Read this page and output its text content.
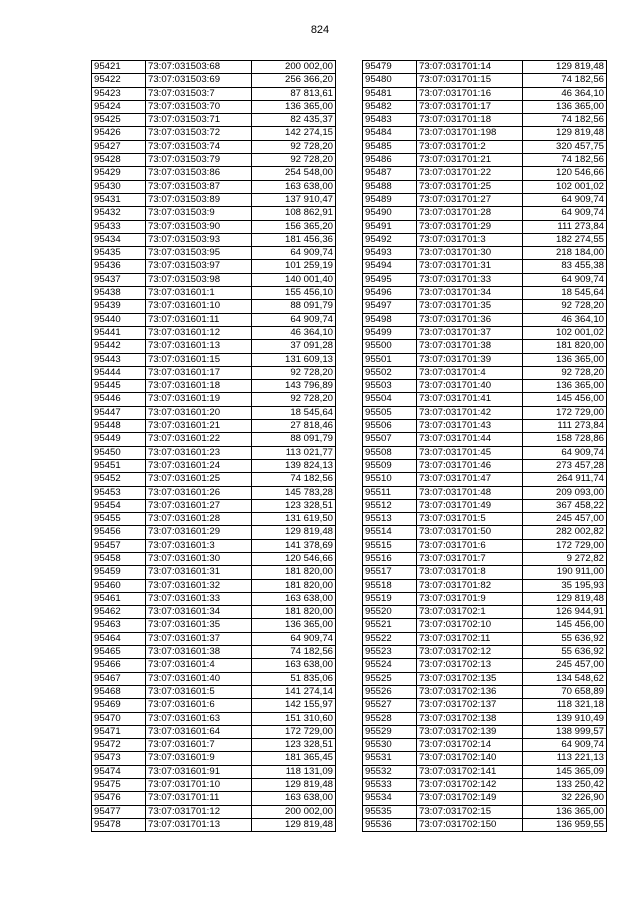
824
95421	73:07:031503:68	200 002,00
95422	73:07:031503:69	256 366,20
95423	73:07:031503:7	87 813,61
95424	73:07:031503:70	136 365,00
95425	73:07:031503:71	82 435,37
95426	73:07:031503:72	142 274,15
95427	73:07:031503:74	92 728,20
95428	73:07:031503:79	92 728,20
95429	73:07:031503:86	254 548,00
95430	73:07:031503:87	163 638,00
95431	73:07:031503:89	137 910,47
95432	73:07:031503:9	108 862,91
95433	73:07:031503:90	156 365,20
95434	73:07:031503:93	181 456,36
95435	73:07:031503:95	64 909,74
95436	73:07:031503:97	101 259,19
95437	73:07:031503:98	140 001,40
95438	73:07:031601:1	155 456,10
95439	73:07:031601:10	88 091,79
95440	73:07:031601:11	64 909,74
95441	73:07:031601:12	46 364,10
95442	73:07:031601:13	37 091,28
95443	73:07:031601:15	131 609,13
95444	73:07:031601:17	92 728,20
95445	73:07:031601:18	143 796,89
95446	73:07:031601:19	92 728,20
95447	73:07:031601:20	18 545,64
95448	73:07:031601:21	27 818,46
95449	73:07:031601:22	88 091,79
95450	73:07:031601:23	113 021,77
95451	73:07:031601:24	139 824,13
95452	73:07:031601:25	74 182,56
95453	73:07:031601:26	145 783,28
95454	73:07:031601:27	123 328,51
95455	73:07:031601:28	131 619,50
95456	73:07:031601:29	129 819,48
95457	73:07:031601:3	141 378,69
95458	73:07:031601:30	120 546,66
95459	73:07:031601:31	181 820,00
95460	73:07:031601:32	181 820,00
95461	73:07:031601:33	163 638,00
95462	73:07:031601:34	181 820,00
95463	73:07:031601:35	136 365,00
95464	73:07:031601:37	64 909,74
95465	73:07:031601:38	74 182,56
95466	73:07:031601:4	163 638,00
95467	73:07:031601:40	51 835,06
95468	73:07:031601:5	141 274,14
95469	73:07:031601:6	142 155,97
95470	73:07:031601:63	151 310,60
95471	73:07:031601:64	172 729,00
95472	73:07:031601:7	123 328,51
95473	73:07:031601:9	181 365,45
95474	73:07:031601:91	118 131,09
95475	73:07:031701:10	129 819,48
95476	73:07:031701:11	163 638,00
95477	73:07:031701:12	200 002,00
95478	73:07:031701:13	129 819,48
95479	73:07:031701:14	129 819,48
95480	73:07:031701:15	74 182,56
95481	73:07:031701:16	46 364,10
95482	73:07:031701:17	136 365,00
95483	73:07:031701:18	74 182,56
95484	73:07:031701:198	129 819,48
95485	73:07:031701:2	320 457,75
95486	73:07:031701:21	74 182,56
95487	73:07:031701:22	120 546,66
95488	73:07:031701:25	102 001,02
95489	73:07:031701:27	64 909,74
95490	73:07:031701:28	64 909,74
95491	73:07:031701:29	111 273,84
95492	73:07:031701:3	182 274,55
95493	73:07:031701:30	218 184,00
95494	73:07:031701:31	83 455,38
95495	73:07:031701:33	64 909,74
95496	73:07:031701:34	18 545,64
95497	73:07:031701:35	92 728,20
95498	73:07:031701:36	46 364,10
95499	73:07:031701:37	102 001,02
95500	73:07:031701:38	181 820,00
95501	73:07:031701:39	136 365,00
95502	73:07:031701:4	92 728,20
95503	73:07:031701:40	136 365,00
95504	73:07:031701:41	145 456,00
95505	73:07:031701:42	172 729,00
95506	73:07:031701:43	111 273,84
95507	73:07:031701:44	158 728,86
95508	73:07:031701:45	64 909,74
95509	73:07:031701:46	273 457,28
95510	73:07:031701:47	264 911,74
95511	73:07:031701:48	209 093,00
95512	73:07:031701:49	367 458,22
95513	73:07:031701:5	245 457,00
95514	73:07:031701:50	282 002,82
95515	73:07:031701:6	172 729,00
95516	73:07:031701:7	9 272,82
95517	73:07:031701:8	190 911,00
95518	73:07:031701:82	35 195,93
95519	73:07:031701:9	129 819,48
95520	73:07:031702:1	126 944,91
95521	73:07:031702:10	145 456,00
95522	73:07:031702:11	55 636,92
95523	73:07:031702:12	55 636,92
95524	73:07:031702:13	245 457,00
95525	73:07:031702:135	134 548,62
95526	73:07:031702:136	70 658,89
95527	73:07:031702:137	118 321,18
95528	73:07:031702:138	139 910,49
95529	73:07:031702:139	138 999,57
95530	73:07:031702:14	64 909,74
95531	73:07:031702:140	113 221,13
95532	73:07:031702:141	145 365,09
95533	73:07:031702:142	133 250,42
95534	73:07:031702:149	32 226,90
95535	73:07:031702:15	136 365,00
95536	73:07:031702:150	136 959,55
